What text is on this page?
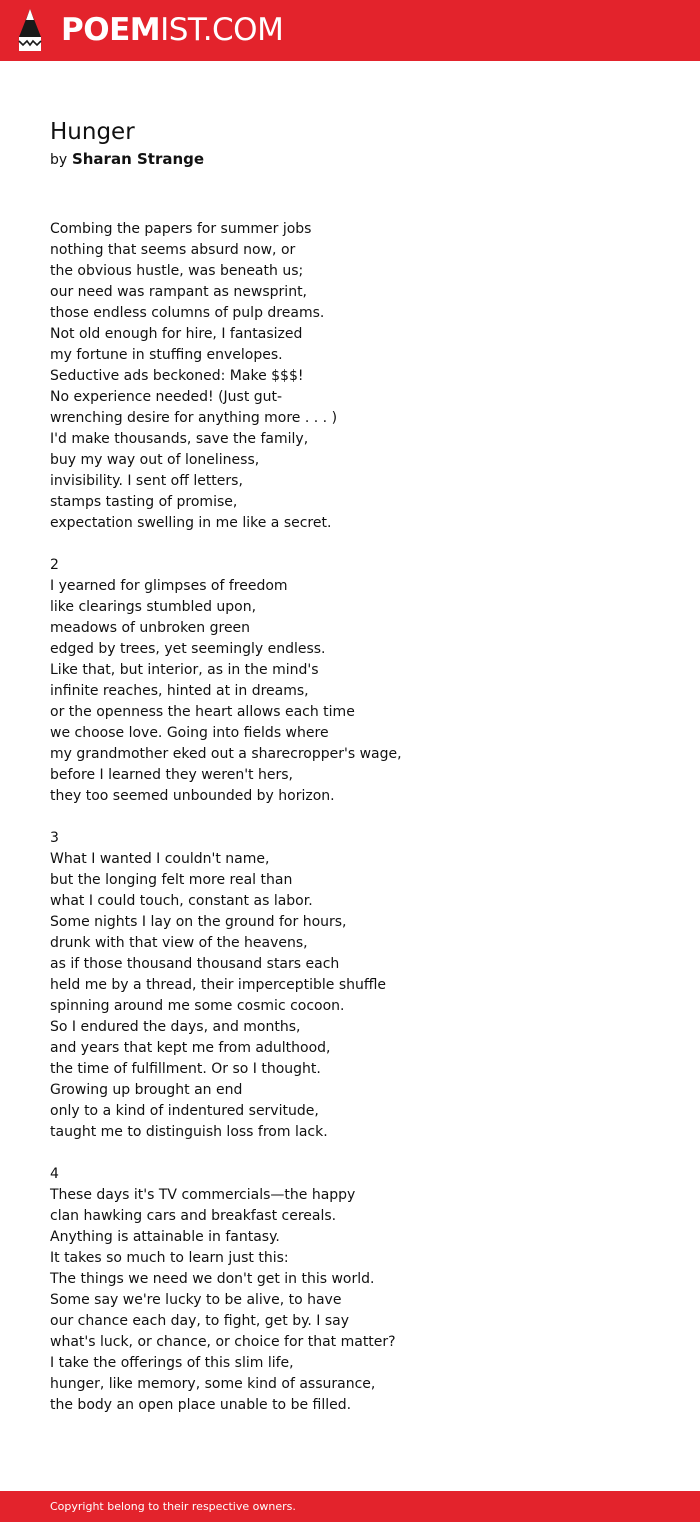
POEMIST.COM
Hunger

by Sharan Strange

Combing the papers for summer jobs
nothing that seems absurd now, or
the obvious hustle, was beneath us;
our need was rampant as newsprint,
those endless columns of pulp dreams.
Not old enough for hire, I fantasized
my fortune in stuffing envelopes.
Seductive ads beckoned: Make $$$!
No experience needed! (Just gut-
wrenching desire for anything more . . . )
I'd make thousands, save the family,
buy my way out of loneliness,
invisibility. I sent off letters,
stamps tasting of promise,
expectation swelling in me like a secret.

2
I yearned for glimpses of freedom
like clearings stumbled upon,
meadows of unbroken green
edged by trees, yet seemingly endless.
Like that, but interior, as in the mind's
infinite reaches, hinted at in dreams,
or the openness the heart allows each time
we choose love. Going into fields where
my grandmother eked out a sharecropper's wage,
before I learned they weren't hers,
they too seemed unbounded by horizon.

3
What I wanted I couldn't name,
but the longing felt more real than
what I could touch, constant as labor.
Some nights I lay on the ground for hours,
drunk with that view of the heavens,
as if those thousand thousand stars each
held me by a thread, their imperceptible shuffle
spinning around me some cosmic cocoon.
So I endured the days, and months,
and years that kept me from adulthood,
the time of fulfillment. Or so I thought.
Growing up brought an end
only to a kind of indentured servitude,
taught me to distinguish loss from lack.

4
These days it's TV commercials—the happy
clan hawking cars and breakfast cereals.
Anything is attainable in fantasy.
It takes so much to learn just this:
The things we need we don't get in this world.
Some say we're lucky to be alive, to have
our chance each day, to fight, get by. I say
what's luck, or chance, or choice for that matter?
I take the offerings of this slim life,
hunger, like memory, some kind of assurance,
the body an open place unable to be filled.
Copyright belong to their respective owners.
